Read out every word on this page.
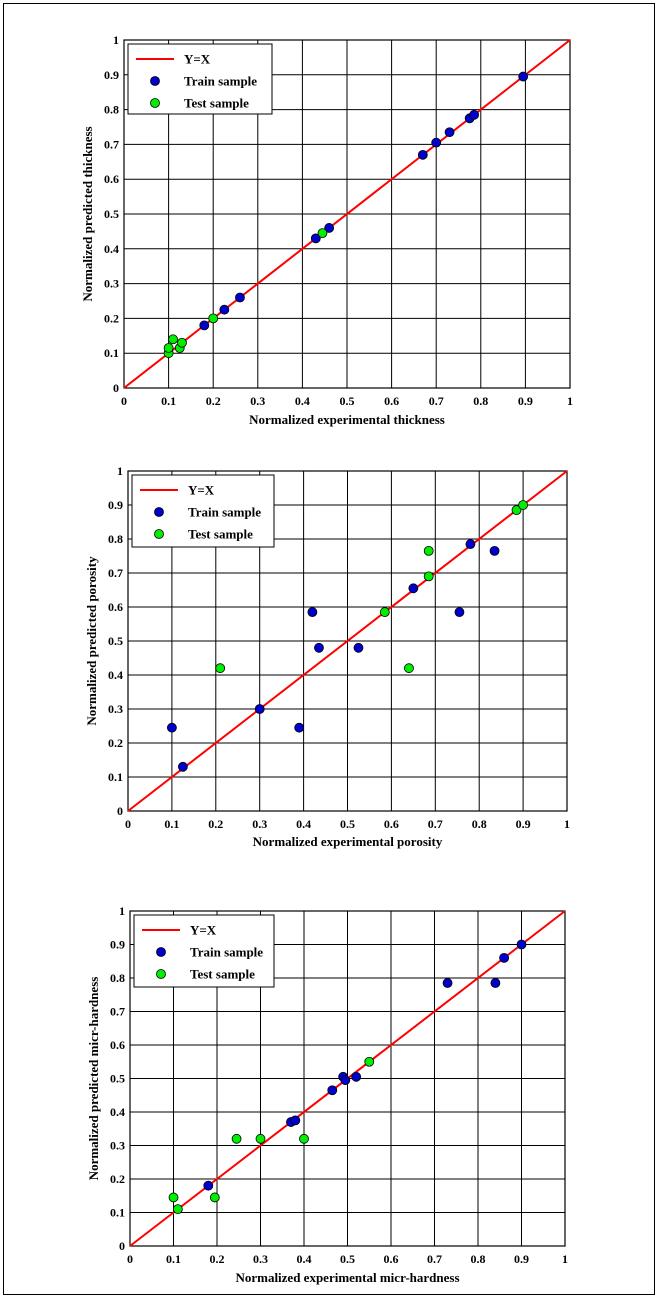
0
0
0.1
0.1
0.2
0.2
0.3
0.3
0.4
0.4
0.5
0.5
0.6
0.6
0.7
0.7
0.8
0.8
0.9
0.9
1
1
Y=X
Train sample
Test sample
Normalized experimental thickness
Normalized predicted thickness
0
0
0.1
0.1
0.2
0.2
0.3
0.3
0.4
0.4
0.5
0.5
0.6
0.6
0.7
0.7
0.8
0.8
0.9
0.9
1
1
Y=X
Train sample
Test sample
Normalized experimental porosity
Normalized predicted porosity
0
0
0.1
0.1
0.2
0.2
0.3
0.3
0.4
0.4
0.5
0.5
0.6
0.6
0.7
0.7
0.8
0.8
0.9
0.9
1
1
Y=X
Train sample
Test sample
Normalized experimental micr-hardness
Normalized predicted micr-hardness
